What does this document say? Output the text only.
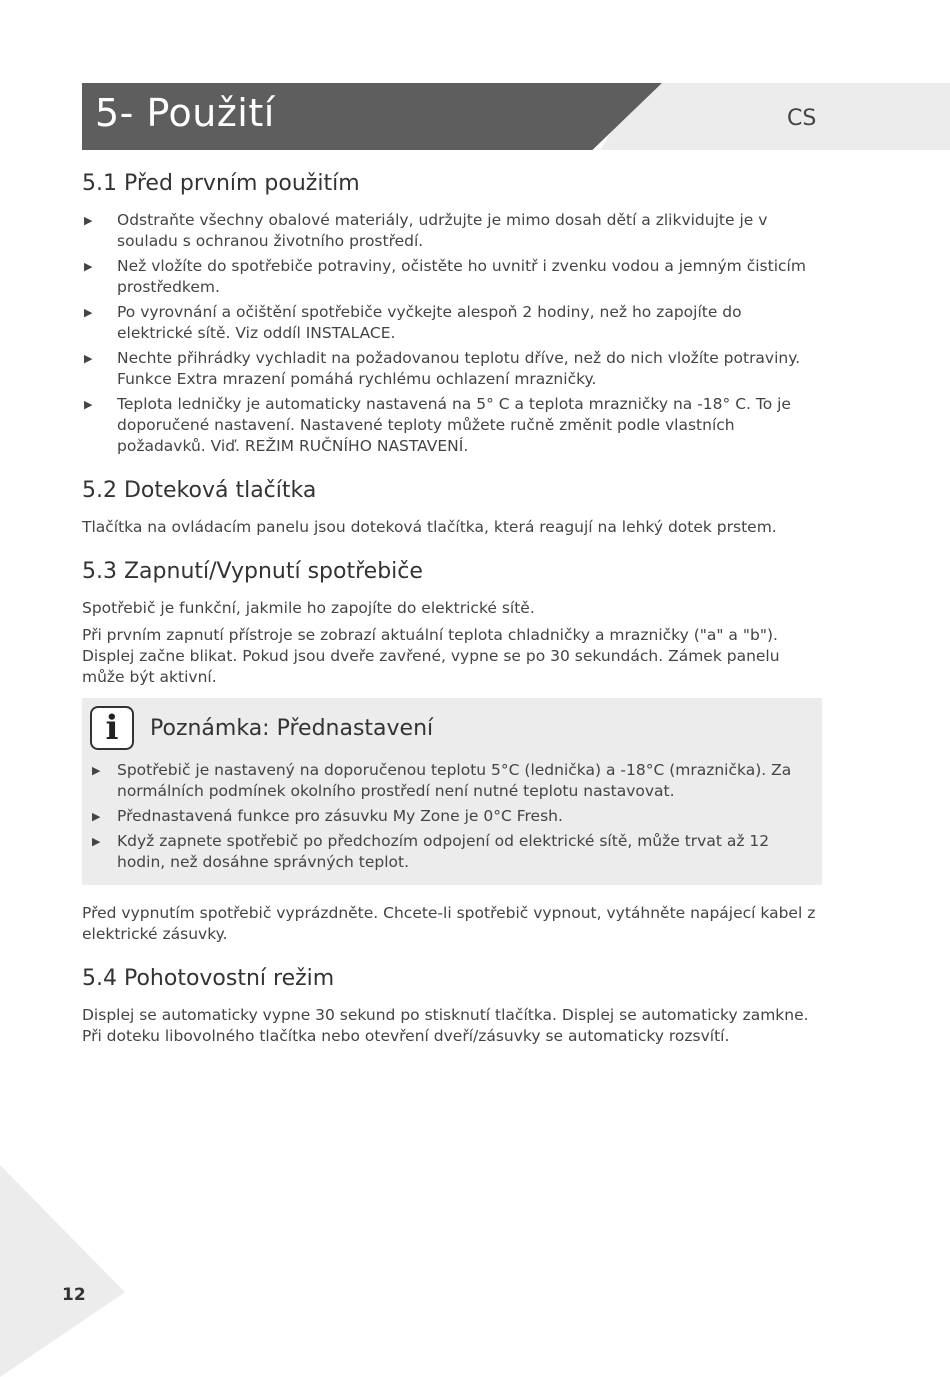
5- Použití	CS
5.1 Před prvním použitím
▶ Odstraňte všechny obalové materiály, udržujte je mimo dosah dětí a zlikvidujte je v souladu s ochranou životního prostředí.
▶ Než vložíte do spotřebiče potraviny, očistěte ho uvnitř i zvenku vodou a jemným čisticím prostředkem.
▶ Po vyrovnání a očištění spotřebiče vyčkejte alespoň 2 hodiny, než ho zapojíte do elektrické sítě. Viz oddíl INSTALACE.
▶ Nechte přihrádky vychladit na požadovanou teplotu dříve, než do nich vložíte potraviny. Funkce Extra mrazení pomáhá rychlému ochlazení mrazničky.
▶ Teplota ledničky je automaticky nastavená na 5° C a teplota mrazničky na -18° C. To je doporučené nastavení. Nastavené teploty můžete ručně změnit podle vlastních požadavků. Viď. REŽIM RUČNÍHO NASTAVENÍ.
5.2 Doteková tlačítka

Tlačítka na ovládacím panelu jsou doteková tlačítka, která reagují na lehký dotek prstem.

5.3 Zapnutí/Vypnutí spotřebiče

Spotřebič je funkční, jakmile ho zapojíte do elektrické sítě.

Při prvním zapnutí přístroje se zobrazí aktuální teplota chladničky a mrazničky ("a" a "b"). Displej začne blikat. Pokud jsou dveře zavřené, vypne se po 30 sekundách. Zámek panelu může být aktivní.

i	Poznámka: Přednastavení
▶ Spotřebič je nastavený na doporučenou teplotu 5°C (lednička) a -18°C (mraznička). Za normálních podmínek okolního prostředí není nutné teplotu nastavovat.
▶ Přednastavená funkce pro zásuvku My Zone je 0°C Fresh.
▶ Když zapnete spotřebič po předchozím odpojení od elektrické sítě, může trvat až 12 hodin, než dosáhne správných teplot.

Před vypnutím spotřebič vyprázdněte. Chcete-li spotřebič vypnout, vytáhněte napájecí kabel z elektrické zásuvky.

5.4 Pohotovostní režim

Displej se automaticky vypne 30 sekund po stisknutí tlačítka. Displej se automaticky zamkne. Při doteku libovolného tlačítka nebo otevření dveří/zásuvky se automaticky rozsvítí.

12
